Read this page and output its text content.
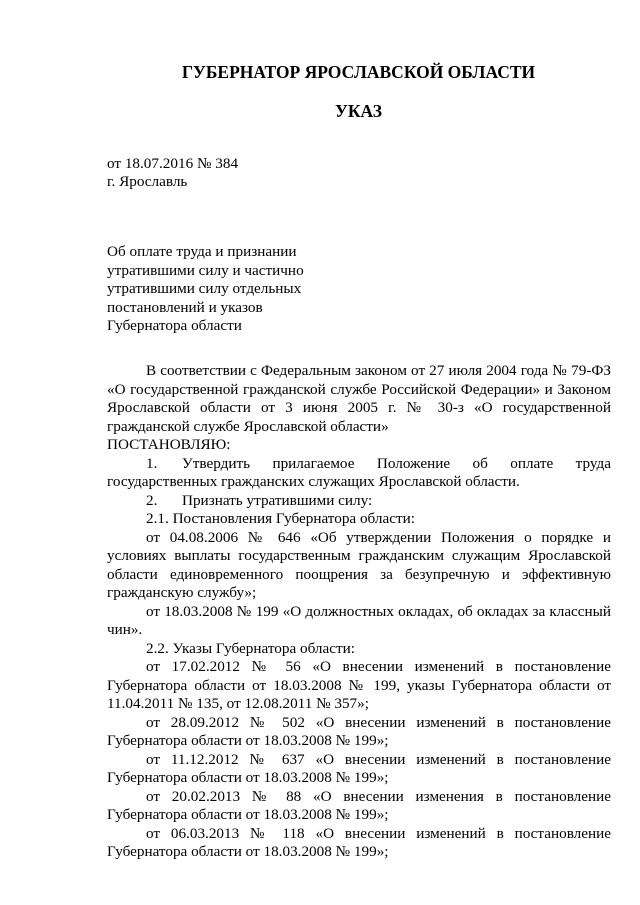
ГУБЕРНАТОР ЯРОСЛАВСКОЙ ОБЛАСТИ
УКАЗ
от 18.07.2016 № 384
г. Ярославль
Об оплате труда и признании
утратившими силу и частично
утратившими силу отдельных
постановлений и указов
Губернатора области

В соответствии с Федеральным законом от 27 июля 2004 года № 79-ФЗ «О государственной гражданской службе Российской Федерации» и Законом Ярославской области от 3 июня 2005 г. № 30-з «О государственной гражданской службе Ярославской области»

ПОСТАНОВЛЯЮ:

1. Утвердить прилагаемое Положение об оплате труда государственных гражданских служащих Ярославской области.

2. Признать утратившими силу:

2.1. Постановления Губернатора области:

от 04.08.2006 № 646 «Об утверждении Положения о порядке и условиях выплаты государственным гражданским служащим Ярославской области единовременного поощрения за безупречную и эффективную гражданскую службу»;

от 18.03.2008 № 199 «О должностных окладах, об окладах за классный чин».

2.2. Указы Губернатора области:

от 17.02.2012 № 56 «О внесении изменений в постановление Губернатора области от 18.03.2008 № 199, указы Губернатора области от 11.04.2011 № 135, от 12.08.2011 № 357»;

от 28.09.2012 № 502 «О внесении изменений в постановление Губернатора области от 18.03.2008 № 199»;

от 11.12.2012 № 637 «О внесении изменений в постановление Губернатора области от 18.03.2008 № 199»;

от 20.02.2013 № 88 «О внесении изменения в постановление Губернатора области от 18.03.2008 № 199»;

от 06.03.2013 № 118 «О внесении изменений в постановление Губернатора области от 18.03.2008 № 199»;
